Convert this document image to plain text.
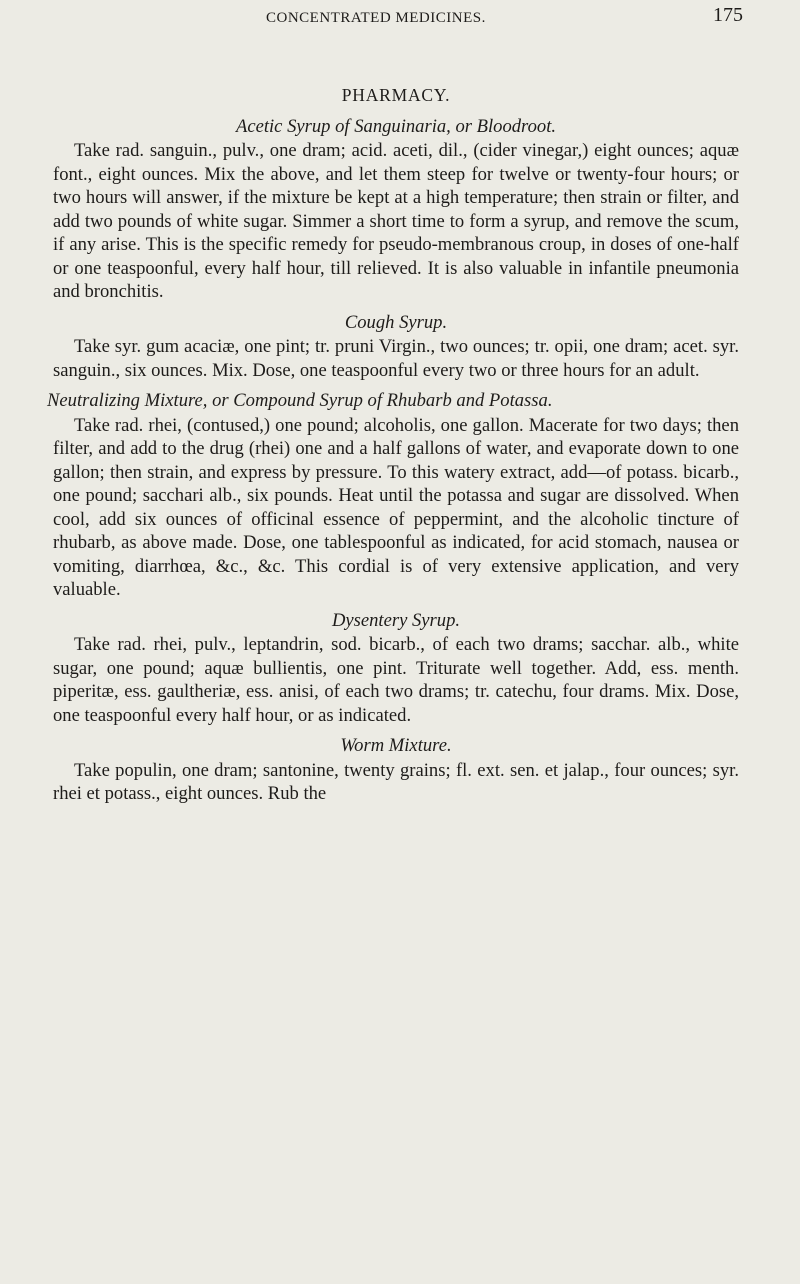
CONCENTRATED MEDICINES.	175
PHARMACY.
Acetic Syrup of Sanguinaria, or Bloodroot.

Take rad. sanguin., pulv., one dram; acid. aceti, dil., (cider vinegar,) eight ounces; aquæ font., eight ounces. Mix the above, and let them steep for twelve or twenty-four hours; or two hours will answer, if the mixture be kept at a high temperature; then strain or filter, and add two pounds of white sugar. Simmer a short time to form a syrup, and remove the scum, if any arise. This is the specific remedy for pseudo-membranous croup, in doses of one-half or one teaspoonful, every half hour, till relieved. It is also valuable in infantile pneumonia and bronchitis.

Cough Syrup.

Take syr. gum acaciæ, one pint; tr. pruni Virgin., two ounces; tr. opii, one dram; acet. syr. sanguin., six ounces. Mix. Dose, one teaspoonful every two or three hours for an adult.

Neutralizing Mixture, or Compound Syrup of Rhubarb and Potassa.

Take rad. rhei, (contused,) one pound; alcoholis, one gallon. Macerate for two days; then filter, and add to the drug (rhei) one and a half gallons of water, and evaporate down to one gallon; then strain, and express by pressure. To this watery extract, add—of potass. bicarb., one pound; sacchari alb., six pounds. Heat until the potassa and sugar are dissolved. When cool, add six ounces of officinal essence of peppermint, and the alcoholic tincture of rhubarb, as above made. Dose, one tablespoonful as indicated, for acid stomach, nausea or vomiting, diarrhœa, &c., &c. This cordial is of very extensive application, and very valuable.

Dysentery Syrup.

Take rad. rhei, pulv., leptandrin, sod. bicarb., of each two drams; sacchar. alb., white sugar, one pound; aquæ bullientis, one pint. Triturate well together. Add, ess. menth. piperitæ, ess. gaultheriæ, ess. anisi, of each two drams; tr. catechu, four drams. Mix. Dose, one teaspoonful every half hour, or as indicated.

Worm Mixture.

Take populin, one dram; santonine, twenty grains; fl. ext. sen. et jalap., four ounces; syr. rhei et potass., eight ounces. Rub the
